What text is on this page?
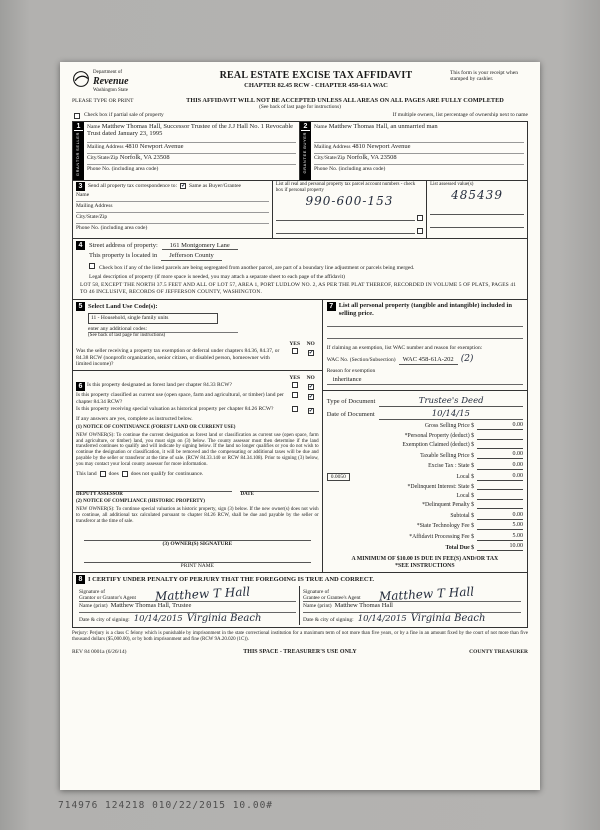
Department of
Revenue
Washington State
REAL ESTATE EXCISE TAX AFFIDAVIT
CHAPTER 82.45 RCW - CHAPTER 458-61A WAC
This form is your receipt when stamped by cashier.
PLEASE TYPE OR PRINT	THIS AFFIDAVIT WILL NOT BE ACCEPTED UNLESS ALL AREAS ON ALL PAGES ARE FULLY COMPLETED
(See back of last page for instructions)
Check box if partial sale of property	If multiple owners, list percentage of ownership next to name
1
SELLER
GRANTOR
Name Matthew Thomas Hall, Successor Trustee of the J.J Hall No. 1 Revocable Trust dated January 23, 1995
Mailing Address 4810 Newport Avenue
City/State/Zip Norfolk, VA 23508
Phone No. (including area code)
2
BUYER
GRANTEE
Name Matthew Thomas Hall, an unmarried man
Mailing Address 4810 Newport Avenue
City/State/Zip Norfolk, VA 23508
Phone No. (including area code)
3	Send all property tax correspondence to: ✓ Same as Buyer/Grantee
Name
Mailing Address
City/State/Zip
Phone No. (including area code)
List all real and personal property tax parcel account numbers - check box if personal property
990-600-153
List assessed value(s)
485439
4	Street address of property:	161 Montgomery Lane
This property is located in	Jefferson County
Check box if any of the listed parcels are being segregated from another parcel, are part of a boundary line adjustment or parcels being merged.
Legal description of property (if more space is needed, you may attach a separate sheet to each page of the affidavit)
LOT 58, EXCEPT THE NORTH 37.5 FEET AND ALL OF LOT 57, AREA 1, PORT LUDLOW NO. 2, AS PER THE PLAT THEREOF, RECORDED IN VOLUME 5 OF PLATS, PAGES 41 TO 46 INCLUSIVE, RECORDS OF JEFFERSON COUNTY, WASHINGTON.
5 Select Land Use Code(s):
11 - Household, single family units
enter any additional codes:
(See back of last page for instructions)
YES	NO
Was the seller receiving a property tax exemption or deferral under chapters 84.36, 84.37, or 84.38 RCW (nonprofit organization, senior citizen, or disabled person, homeowner with limited income)?
✓
YES	NO
6 Is this property designated as forest land per chapter 84.33 RCW?	✓
Is this property classified as current use (open space, farm and agricultural, or timber) land per chapter 84.34 RCW?
✓
Is this property receiving special valuation as historical property per chapter 84.26 RCW?	✓
If any answers are yes, complete as instructed below.
(1) NOTICE OF CONTINUANCE (FOREST LAND OR CURRENT USE)
NEW OWNER(S): To continue the current designation as forest land or classification as current use (open space, farm and agriculture, or timber) land, you must sign on (3) below. The county assessor must then determine if the land transferred continues to qualify and will indicate by signing below. If the land no longer qualifies or you do not wish to continue the designation or classification, it will be removed and the compensating or additional taxes will be due and payable by the seller or transferor at the time of sale. (RCW 84.33.140 or RCW 84.34.108). Prior to signing (3) below, you may contact your local county assessor for more information.
This land does does not qualify for continuance.
DEPUTY ASSESSOR	DATE
(2) NOTICE OF COMPLIANCE (HISTORIC PROPERTY)
NEW OWNER(S): To continue special valuation as historic property, sign (3) below. If the new owner(s) does not wish to continue, all additional tax calculated pursuant to chapter 84.26 RCW, shall be due and payable by the seller or transferor at the time of sale.
(3) OWNER(S) SIGNATURE
PRINT NAME
7 List all personal property (tangible and intangible) included in selling price.
If claiming an exemption, list WAC number and reason for exemption:
WAC No. (Section/Subsection)	WAC 458-61A-202 (2)
Reason for exemption
inheritance
Type of Document	Trustee's Deed
Date of Document	10/14/15
Gross Selling Price $	0.00
*Personal Property (deduct) $
Exemption Claimed (deduct) $
Taxable Selling Price $	0.00
Excise Tax : State $	0.00
0.0050	Local $	0.00
*Delinquent Interest: State $
Local $
*Delinquent Penalty $
Subtotal $	0.00
*State Technology Fee $	5.00
*Affidavit Processing Fee $	5.00
Total Due $	10.00
A MINIMUM OF $10.00 IS DUE IN FEE(S) AND/OR TAX
*SEE INSTRUCTIONS
8 I CERTIFY UNDER PENALTY OF PERJURY THAT THE FOREGOING IS TRUE AND CORRECT.
Signature of
Grantor or Grantor's Agent	Matthew T Hall
Name (print) Matthew Thomas Hall, Trustee
Date & city of signing: 10/14/2015 Virginia Beach
Signature of
Grantee or Grantee's Agent	Matthew T Hall
Name (print) Matthew Thomas Hall
Date & city of signing: 10/14/2015 Virginia Beach
Perjury: Perjury is a class C felony which is punishable by imprisonment in the state correctional institution for a maximum term of not more than five years, or by a fine in an amount fixed by the court of not more than five thousand dollars ($5,000.00), or by both imprisonment and fine (RCW 9A.20.020 (1C)).
REV 84 0001a (6/26/14)	THIS SPACE - TREASURER'S USE ONLY	COUNTY TREASURER
714976 124218 010/22/2015 10.00#
